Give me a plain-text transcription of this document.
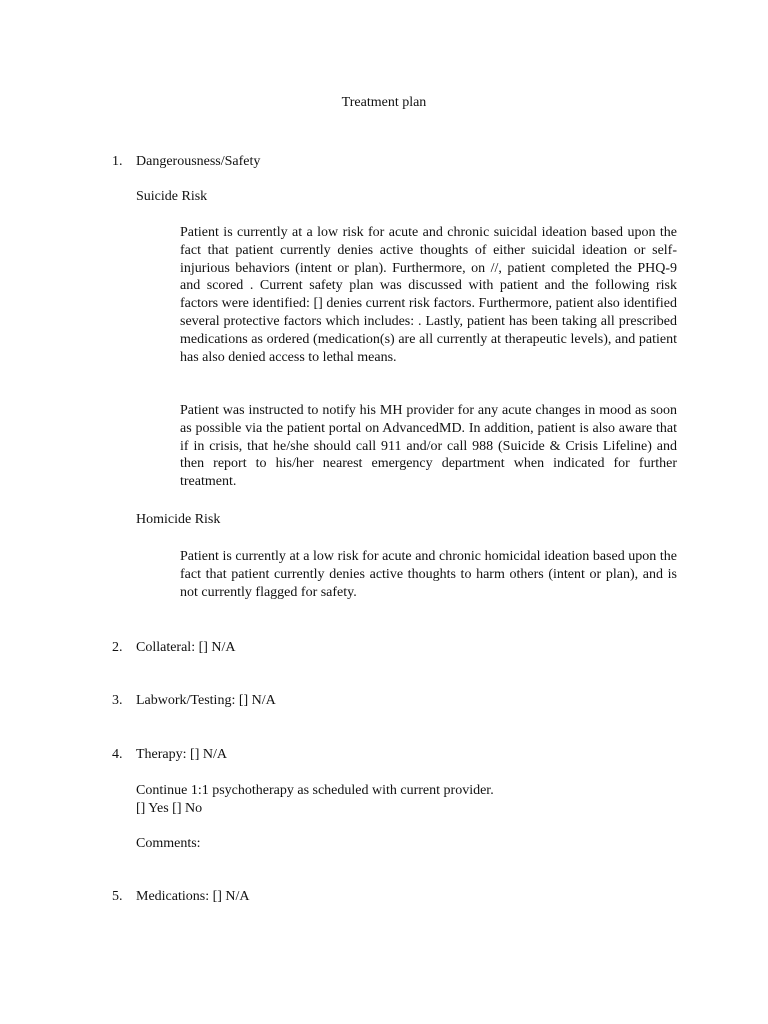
Treatment plan
1. Dangerousness/Safety
Suicide Risk

Patient is currently at a low risk for acute and chronic suicidal ideation based upon the fact that patient currently denies active thoughts of either suicidal ideation or self-injurious behaviors (intent or plan). Furthermore, on //, patient completed the PHQ-9 and scored . Current safety plan was discussed with patient and the following risk factors were identified: [] denies current risk factors. Furthermore, patient also identified several protective factors which includes: . Lastly, patient has been taking all prescribed medications as ordered (medication(s) are all currently at therapeutic levels), and patient has also denied access to lethal means.

Patient was instructed to notify his MH provider for any acute changes in mood as soon as possible via the patient portal on AdvancedMD. In addition, patient is also aware that if in crisis, that he/she should call 911 and/or call 988 (Suicide & Crisis Lifeline) and then report to his/her nearest emergency department when indicated for further treatment.

Homicide Risk

Patient is currently at a low risk for acute and chronic homicidal ideation based upon the fact that patient currently denies active thoughts to harm others (intent or plan), and is not currently flagged for safety.

2. Collateral: [] N/A
3. Labwork/Testing: [] N/A
4. Therapy: [] N/A
Continue 1:1 psychotherapy as scheduled with current provider.
[] Yes [] No
Comments:
5. Medications: [] N/A
